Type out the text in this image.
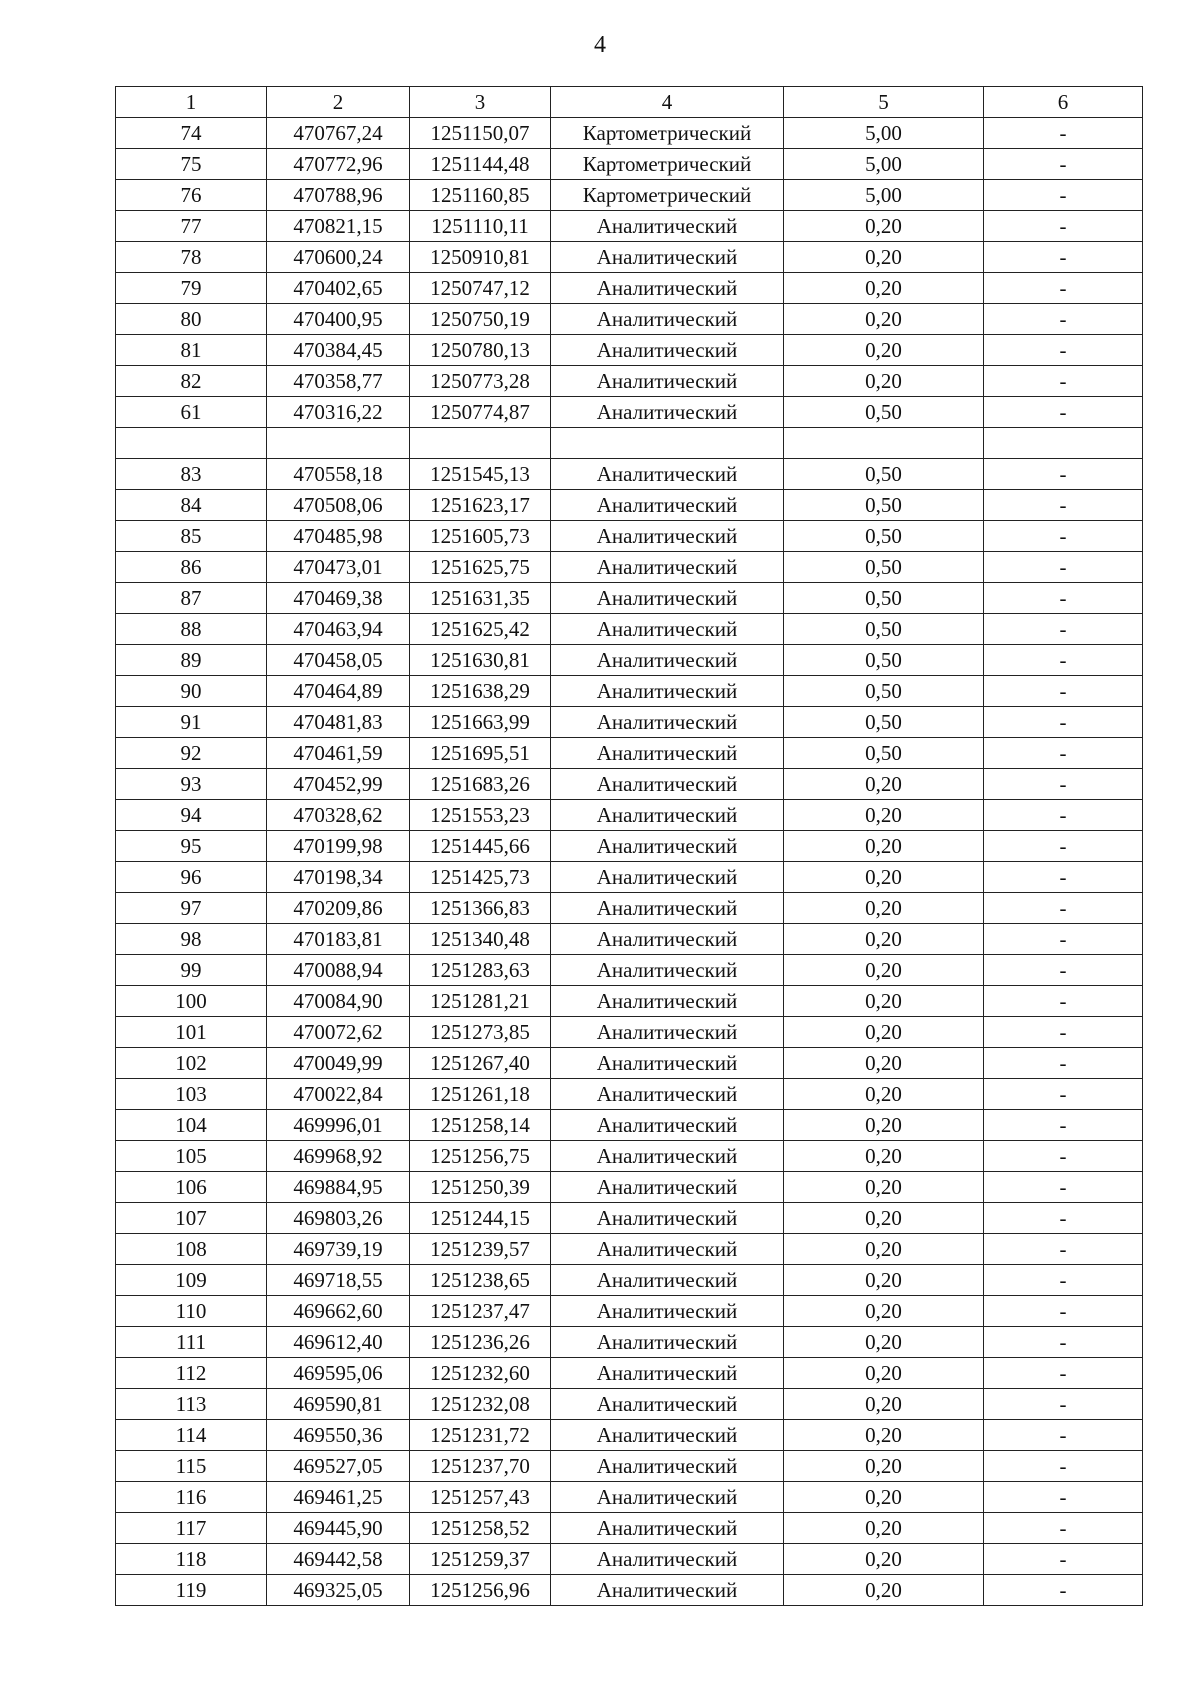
4
1	2	3	4	5	6
74	470767,24	1251150,07	Картометрический	5,00	-
75	470772,96	1251144,48	Картометрический	5,00	-
76	470788,96	1251160,85	Картометрический	5,00	-
77	470821,15	1251110,11	Аналитический	0,20	-
78	470600,24	1250910,81	Аналитический	0,20	-
79	470402,65	1250747,12	Аналитический	0,20	-
80	470400,95	1250750,19	Аналитический	0,20	-
81	470384,45	1250780,13	Аналитический	0,20	-
82	470358,77	1250773,28	Аналитический	0,20	-
61	470316,22	1250774,87	Аналитический	0,50	-

83	470558,18	1251545,13	Аналитический	0,50	-
84	470508,06	1251623,17	Аналитический	0,50	-
85	470485,98	1251605,73	Аналитический	0,50	-
86	470473,01	1251625,75	Аналитический	0,50	-
87	470469,38	1251631,35	Аналитический	0,50	-
88	470463,94	1251625,42	Аналитический	0,50	-
89	470458,05	1251630,81	Аналитический	0,50	-
90	470464,89	1251638,29	Аналитический	0,50	-
91	470481,83	1251663,99	Аналитический	0,50	-
92	470461,59	1251695,51	Аналитический	0,50	-
93	470452,99	1251683,26	Аналитический	0,20	-
94	470328,62	1251553,23	Аналитический	0,20	-
95	470199,98	1251445,66	Аналитический	0,20	-
96	470198,34	1251425,73	Аналитический	0,20	-
97	470209,86	1251366,83	Аналитический	0,20	-
98	470183,81	1251340,48	Аналитический	0,20	-
99	470088,94	1251283,63	Аналитический	0,20	-
100	470084,90	1251281,21	Аналитический	0,20	-
101	470072,62	1251273,85	Аналитический	0,20	-
102	470049,99	1251267,40	Аналитический	0,20	-
103	470022,84	1251261,18	Аналитический	0,20	-
104	469996,01	1251258,14	Аналитический	0,20	-
105	469968,92	1251256,75	Аналитический	0,20	-
106	469884,95	1251250,39	Аналитический	0,20	-
107	469803,26	1251244,15	Аналитический	0,20	-
108	469739,19	1251239,57	Аналитический	0,20	-
109	469718,55	1251238,65	Аналитический	0,20	-
110	469662,60	1251237,47	Аналитический	0,20	-
111	469612,40	1251236,26	Аналитический	0,20	-
112	469595,06	1251232,60	Аналитический	0,20	-
113	469590,81	1251232,08	Аналитический	0,20	-
114	469550,36	1251231,72	Аналитический	0,20	-
115	469527,05	1251237,70	Аналитический	0,20	-
116	469461,25	1251257,43	Аналитический	0,20	-
117	469445,90	1251258,52	Аналитический	0,20	-
118	469442,58	1251259,37	Аналитический	0,20	-
119	469325,05	1251256,96	Аналитический	0,20	-
